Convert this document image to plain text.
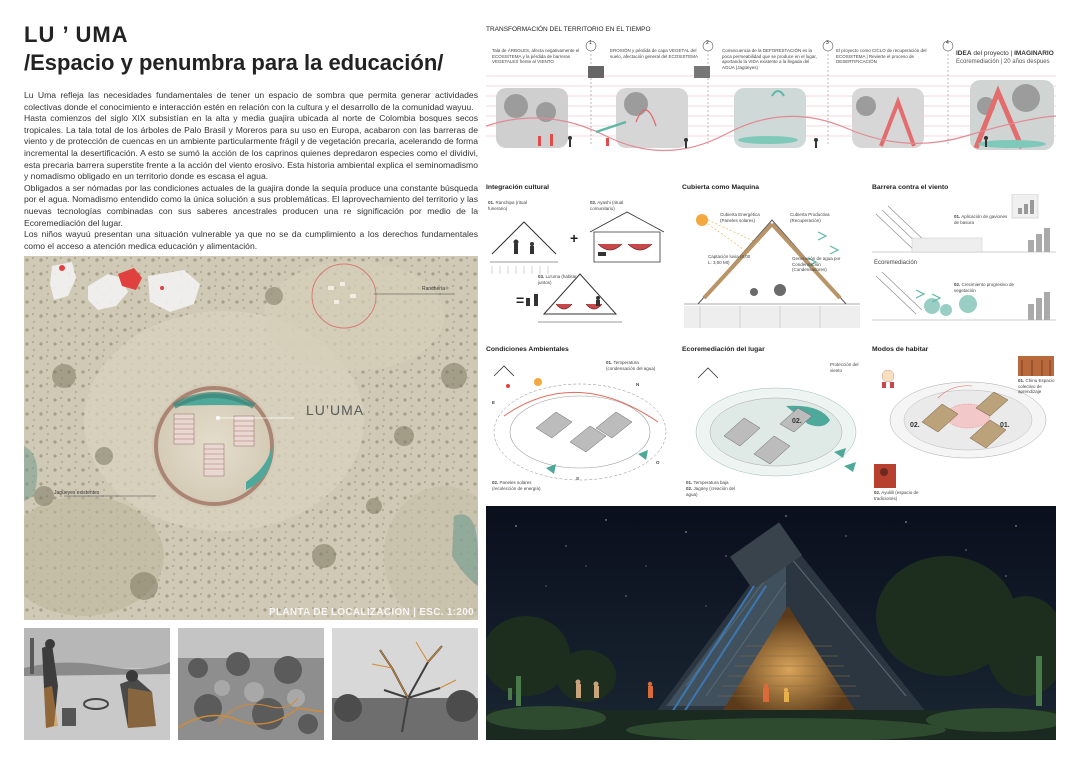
LU ’ UMA
/Espacio y penumbra para la educación/

Lu Uma refleja las necesidades fundamentales de tener un espacio de sombra que permita generar actividades colectivas donde el conocimiento e interacción estén en relación con la cultura y el desarrollo de la comunidad wayuu.

Hasta comienzos del siglo XIX subsistían en la alta y media guajira ubicada al norte de Colombia bosques secos tropicales. La tala total de los árboles de Palo Brasil y Moreros para su uso en Europa, acabaron con las barreras de viento y de protección de cuencas en un ambiente particularmente frágil y de vegetación precaria, acelerando de forma incremental la desertificación. A esto se sumó la acción de los caprinos quienes depredaron especies como el dividivi, esta precaria barrera superstite frente a la acción del viento erosivo. Esta historia ambiental explica el seminomadismo y nomadismo obligado en un territorio donde es escasa el agua.

Obligados a ser nómadas por las condiciones actuales de la guajira donde la sequía produce una constante búsqueda por el agua. Nomadismo entendido como la única solución a sus problemáticas. El laprovechamiento del territorio y las nuevas tecnologías combinadas con sus saberes ancestrales producen una re significación por medio de la Ecoremediación del lugar.

Los niños wayuú presentan una situación vulnerable ya que no se da cumplimiento a los derechos fundamentales como el acceso a atención medica educación y alimentación.

LU’UMA
Ranchería
Jagüeyes existentes
PLANTA DE LOCALIZACION | ESC. 1:200
TRANSFORMACIÓN DEL TERRITORIO EN EL TIEMPO
Tala de ÁRBOLES, afecta negativamente el ECOSISTEMA y la pérdida de barreras VEGETALES frente al VIENTO
EROSIÓN y pérdida de capa VEGETAL del suelo, afectación general del ECOSISTEMA
Consecuencia de la DEFORESTACIÓN es la poca permeabilidad que se produce en el lugar, aportando la VIDA existente a la llegada del AGUA (Jagüeyes)
El proyecto como CICLO de recuperación del ECOSISTEMA | Revierte el proceso de DESERTIFICACIÓN
1	2	3	4
IDEA del proyecto | IMAGINARIO
Ecoremediación | 20 años despues
Integración cultural
+
=
01. Ranchipa (ritual funerario)
02. Ayashi (ritual comunitario)
03. Lu'uma (habitar juntos)
Cubierta como Maquina
Cubierta Energética (Paneles solares)
Cubierta Productiva (Recuperación)
Captación luvia (8,00 L: 3,00 Mt)
Generación de agua por Condensación (Condensadores)
Barrera contra el viento
01. Aplicación de gaviones de basura
Ecoremediación
02. Crecimiento progresivo de vegetación
Condiciones Ambientales
01. Temperatura (condensación del agua)
02. Paneles solares (recolección de energía)
N
E
O
S
Ecoremediación del lugar
Protección del viento
02.
01. Temperatura baja
02. Jagüey (creación del agua)
Modos de habitar
01. Chinu Espacio colectivo de aprendizaje
01.
02.
02. Ayuliili (espacio de tradiciones)
